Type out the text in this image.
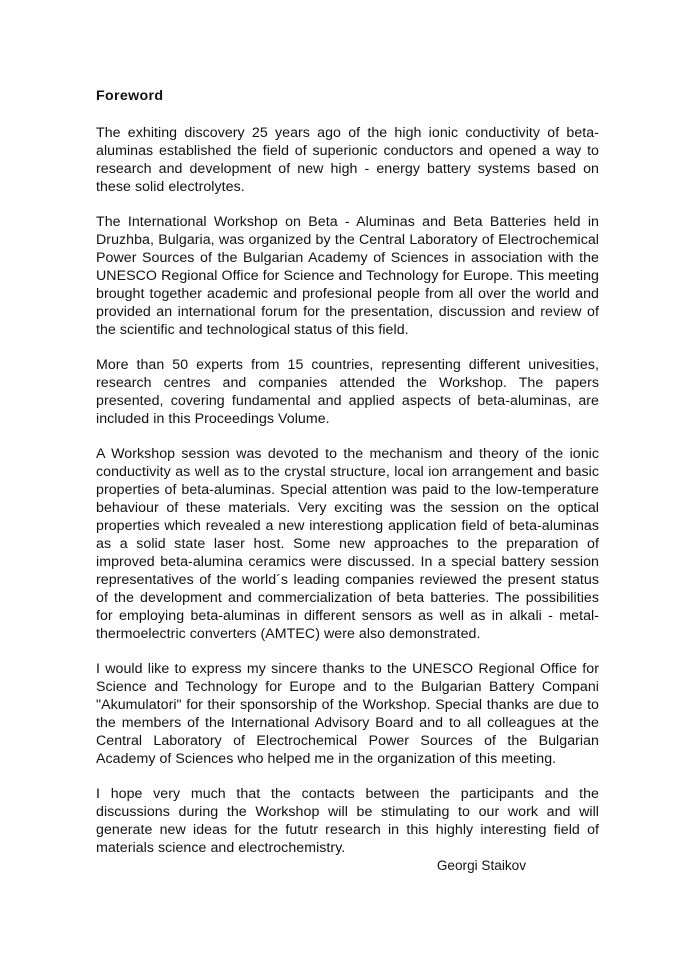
Foreword

The exhiting discovery 25 years ago of the high ionic conductivity of beta-aluminas established the field of superionic conductors and opened a way to research and development of new high - energy battery systems based on these solid electrolytes.

The International Workshop on Beta - Aluminas and Beta Batteries held in Druzhba, Bulgaria, was organized by the Central Laboratory of Electrochemical Power Sources of the Bulgarian Academy of Sciences in association with the UNESCO Regional Office for Science and Technology for Europe. This meeting brought together academic and profesional people from all over the world and provided an international forum for the presentation, discussion and review of the scientific and technological status of this field.

More than 50 experts from 15 countries, representing different univesities, research centres and companies attended the Workshop. The papers presented, covering fundamental and applied aspects of beta-aluminas, are included in this Proceedings Volume.

A Workshop session was devoted to the mechanism and theory of the ionic conductivity as well as to the crystal structure, local ion arrangement and basic properties of beta-aluminas. Special attention was paid to the low-temperature behaviour of these materials. Very exciting was the session on the optical properties which revealed a new interestiong application field of beta-aluminas as a solid state laser host. Some new approaches to the preparation of improved beta-alumina ceramics were discussed. In a special battery session representatives of the world´s leading companies reviewed the present status of the development and commercialization of beta batteries. The possibilities for employing beta-aluminas in different sensors as well as in alkali - metal-thermoelectric converters (AMTEC) were also demonstrated.

I would like to express my sincere thanks to the UNESCO Regional Office for Science and Technology for Europe and to the Bulgarian Battery Compani "Akumulatori" for their sponsorship of the Workshop. Special thanks are due to the members of the International Advisory Board and to all colleagues at the Central Laboratory of Electrochemical Power Sources of the Bulgarian Academy of Sciences who helped me in the organization of this meeting.

I hope very much that the contacts between the participants and the discussions during the Workshop will be stimulating to our work and will generate new ideas for the fututr research in this highly interesting field of materials science and electrochemistry.

Georgi Staikov
